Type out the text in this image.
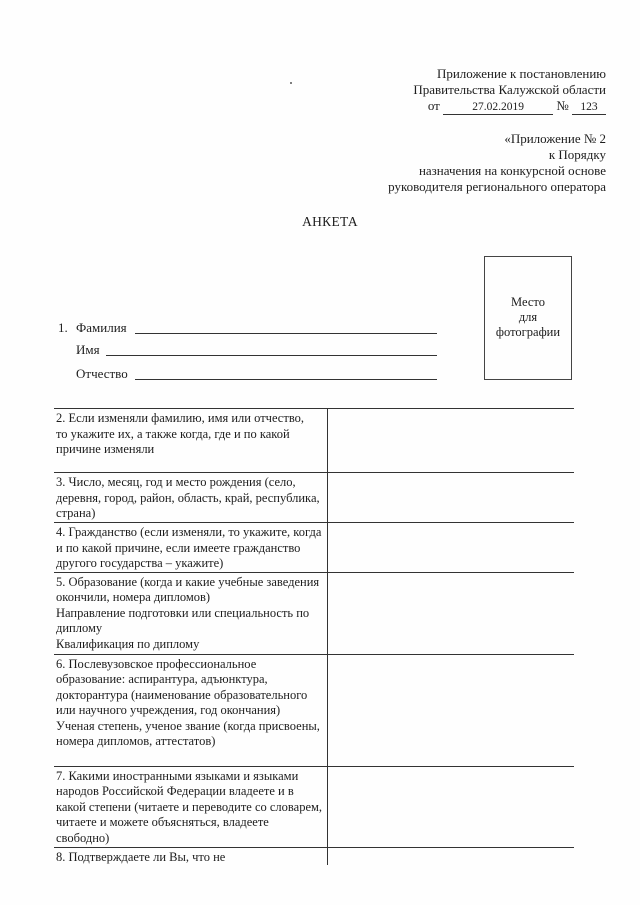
Приложение к постановлению
Правительства Калужской области
от	27.02.2019 № 123
«Приложение № 2
к Порядку
назначения на конкурсной основе
руководителя регионального оператора
АНКЕТА
Место
для
фотографии
1. Фамилия
Имя
Отчество
2. Если изменяли фамилию, имя или отчество,
то укажите их, а также когда, где и по какой причине изменяли	

3. Число, месяц, год и место рождения (село, деревня, город, район, область, край, республика, страна)	

4. Гражданство (если изменяли, то укажите, когда и по какой причине, если имеете гражданство другого государства – укажите)	

5. Образование (когда и какие учебные заведения окончили, номера дипломов)
Направление подготовки или специальность по диплому
Квалификация по диплому	

6. Послевузовское профессиональное образование: аспирантура, адъюнктура, докторантура (наименование образовательного или научного учреждения, год окончания)
Ученая степень, ученое звание (когда присвоены, номера дипломов, аттестатов)	

7. Какими иностранными языками и языками народов Российской Федерации владеете и в какой степени (читаете и переводите со словарем, читаете и можете объясняться, владеете свободно)	

8. Подтверждаете ли Вы, что не	
